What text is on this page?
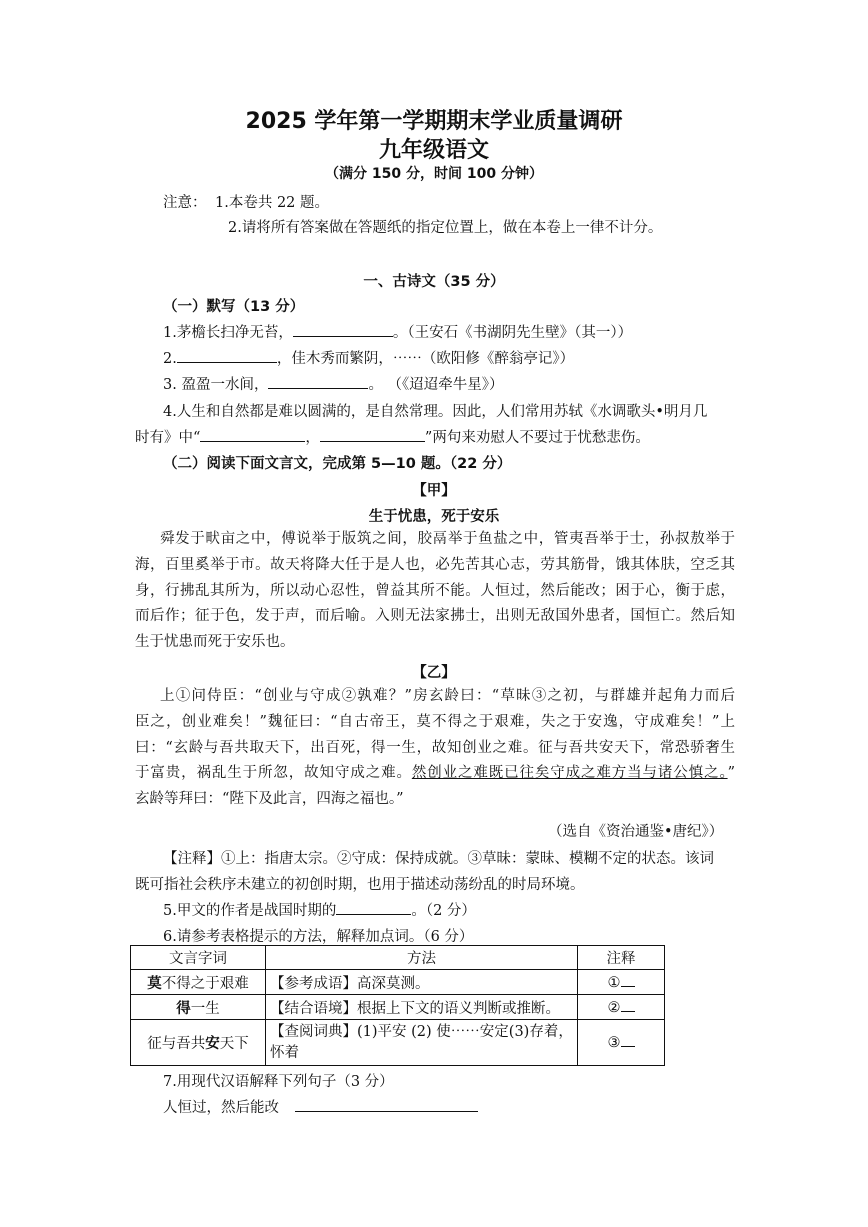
2025 学年第一学期期末学业质量调研
九年级语文
（满分 150 分，时间 100 分钟）
注意： 1.本卷共 22 题。
2.请将所有答案做在答题纸的指定位置上，做在本卷上一律不计分。
一、古诗文（35 分）
（一）默写（13 分）
1.茅檐长扫净无苔，	。（王安石《书湖阴先生壁》（其一））
2.	，佳木秀而繁阴，⋯⋯（欧阳修《醉翁亭记》）
3. 盈盈一水间，	。 （《迢迢牵牛星》）
4.人生和自然都是难以圆满的，是自然常理。因此，人们常用苏轼《水调歌头•明月几
时有》中“	，	”两句来劝慰人不要过于忧愁悲伤。
（二）阅读下面文言文，完成第 5—10 题。（22 分）
【甲】
生于忧患，死于安乐
舜发于畎亩之中，傅说举于版筑之间，胶鬲举于鱼盐之中，管夷吾举于士，孙叔敖举于
海，百里奚举于市。故天将降大任于是人也，必先苦其心志，劳其筋骨，饿其体肤，空乏其
身，行拂乱其所为，所以动心忍性，曾益其所不能。人恒过，然后能改；困于心，衡于虑，
而后作；征于色，发于声，而后喻。入则无法家拂士，出则无敌国外患者，国恒亡。然后知
生于忧患而死于安乐也。
【乙】
上①问侍臣：“创业与守成②孰难？”房玄龄曰：“草昧③之初，与群雄并起角力而后
臣之，创业难矣！”魏征曰：“自古帝王，莫不得之于艰难，失之于安逸，守成难矣！”上
曰：“玄龄与吾共取天下，出百死，得一生，故知创业之难。征与吾共安天下，常恐骄奢生
于富贵，祸乱生于所忽，故知守成之难。然创业之难既已往矣守成之难方当与诸公慎之。”
玄龄等拜曰：“陛下及此言，四海之福也。”
（选自《资治通鉴•唐纪》）
【注释】①上：指唐太宗。②守成：保持成就。③草昧：蒙昧、模糊不定的状态。该词
既可指社会秩序未建立的初创时期，也用于描述动荡纷乱的时局环境。
5.甲文的作者是战国时期的	。（2 分）
6.请参考表格提示的方法，解释加点词。（6 分）
文言字词	方法	注释
莫不得之于艰难	【参考成语】高深莫测。	①
得一生	【结合语境】根据上下文的语义判断或推断。	②
征与吾共安天下	【查阅词典】(1)平安 (2) 使⋯⋯安定(3)存着，怀着	③
7.用现代汉语解释下列句子（3 分）
人恒过，然后能改
